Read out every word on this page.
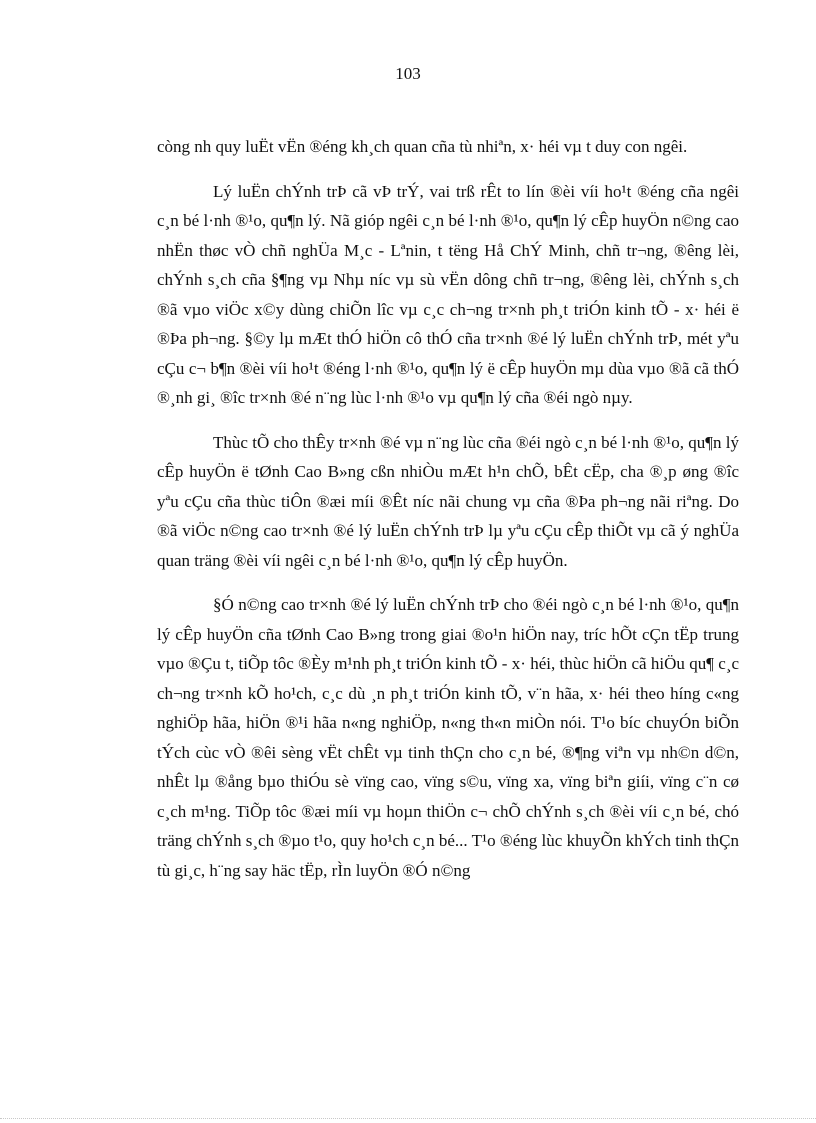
103

còng nh quy luËt vËn ®éng kh¸ch quan cña tù nhiªn, x· héi vµ t duy con ngêi.

Lý luËn chÝnh trÞ cã vÞ trÝ, vai trß rÊt to lín ®èi víi ho¹t ®éng cña ngêi c¸n bé l·nh ®¹o, qu¶n lý. Nã gióp ngêi c¸n bé l·nh ®¹o, qu¶n lý cÊp huyÖn n©ng cao nhËn thøc vÒ chñ nghÜa M¸c - Lªnin, t tëng Hå ChÝ Minh, chñ tr¬ng, ®êng lèi, chÝnh s¸ch cña §¶ng vµ Nhµ níc vµ sù vËn dông chñ tr¬ng, ®êng lèi, chÝnh s¸ch ®ã vµo viÖc x©y dùng chiÕn lîc vµ c¸c ch¬ng tr×nh ph¸t triÓn kinh tÕ - x· héi ë ®Þa ph¬ng. §©y lµ mÆt thÓ hiÖn cô thÓ cña tr×nh ®é lý luËn chÝnh trÞ, mét yªu cÇu c¬ b¶n ®èi víi ho¹t ®éng l·nh ®¹o, qu¶n lý ë cÊp huyÖn mµ dùa vµo ®ã cã thÓ ®¸nh gi¸ ®îc tr×nh ®é n¨ng lùc l·nh ®¹o vµ qu¶n lý cña ®éi ngò nµy.

Thùc tÕ cho thÊy tr×nh ®é vµ n¨ng lùc cña ®éi ngò c¸n bé l·nh ®¹o, qu¶n lý cÊp huyÖn ë tØnh Cao B»ng cßn nhiÒu mÆt h¹n chÕ, bÊt cËp, cha ®¸p øng ®îc yªu cÇu cña thùc tiÔn ®æi míi ®Êt níc nãi chung vµ cña ®Þa ph¬ng nãi riªng. Do ®ã viÖc n©ng cao tr×nh ®é lý luËn chÝnh trÞ lµ yªu cÇu cÊp thiÕt vµ cã ý nghÜa quan träng ®èi víi ngêi c¸n bé l·nh ®¹o, qu¶n lý cÊp huyÖn.

§Ó n©ng cao tr×nh ®é lý luËn chÝnh trÞ cho ®éi ngò c¸n bé l·nh ®¹o, qu¶n lý cÊp huyÖn cña tØnh Cao B»ng trong giai ®o¹n hiÖn nay, tríc hÕt cÇn tËp trung vµo ®Çu t, tiÕp tôc ®Èy m¹nh ph¸t triÓn kinh tÕ - x· héi, thùc hiÖn cã hiÖu qu¶ c¸c ch¬ng tr×nh kÕ ho¹ch, c¸c dù ¸n ph¸t triÓn kinh tÕ, v¨n hãa, x· héi theo híng c«ng nghiÖp hãa, hiÖn ®¹i hãa n«ng nghiÖp, n«ng th«n miÒn nói. T¹o bíc chuyÓn biÕn tÝch cùc vÒ ®êi sèng vËt chÊt vµ tinh thÇn cho c¸n bé, ®¶ng viªn vµ nh©n d©n, nhÊt lµ ®ång bµo thiÓu sè vïng cao, vïng s©u, vïng xa, vïng biªn giíi, vïng c¨n cø c¸ch m¹ng. TiÕp tôc ®æi míi vµ hoµn thiÖn c¬ chÕ chÝnh s¸ch ®èi víi c¸n bé, chó träng chÝnh s¸ch ®µo t¹o, quy ho¹ch c¸n bé... T¹o ®éng lùc khuyÕn khÝch tinh thÇn tù gi¸c, h¨ng say häc tËp, rÌn luyÖn ®Ó n©ng
